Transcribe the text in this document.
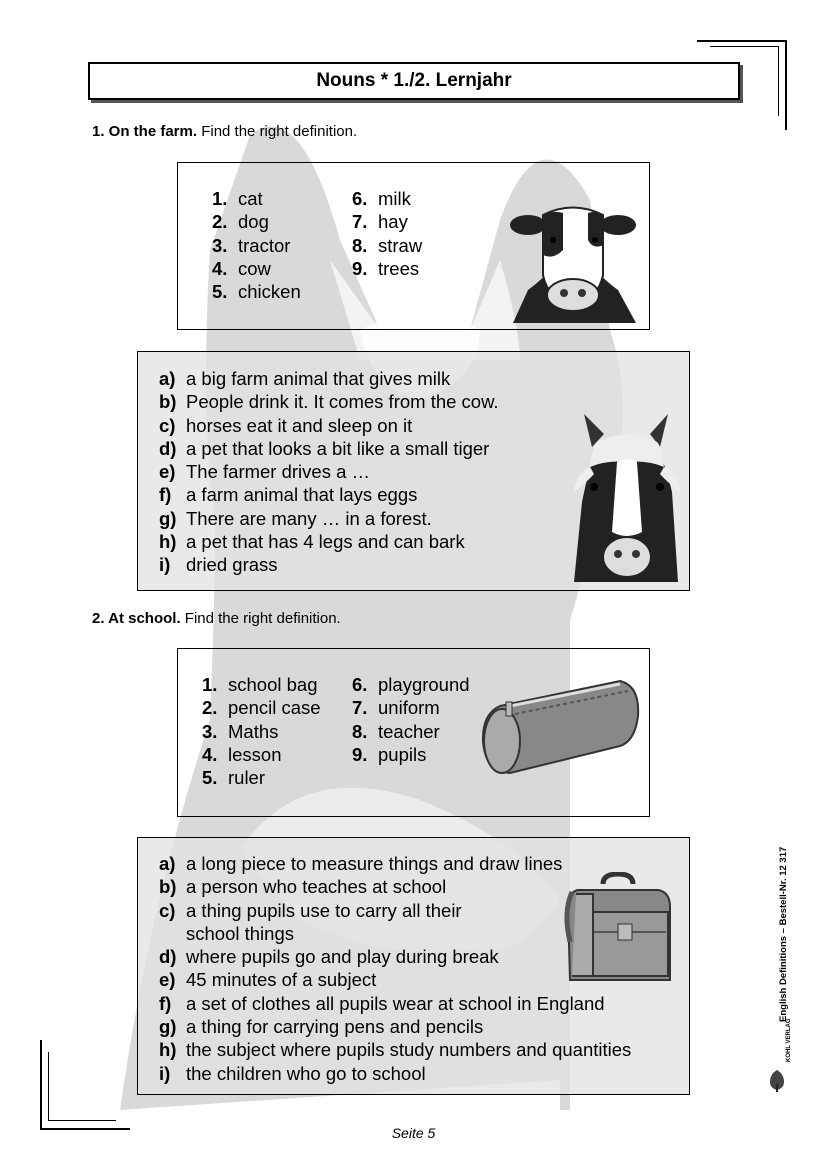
Nouns * 1./2. Lernjahr
1. On the farm. Find the right definition.
1. cat
2. dog
3. tractor
4. cow
5. chicken
6. milk
7. hay
8. straw
9. trees
a) a big farm animal that gives milk
b) People drink it. It comes from the cow.
c) horses eat it and sleep on it
d) a pet that looks a bit like a small tiger
e) The farmer drives a …
f) a farm animal that lays eggs
g) There are many … in a forest.
h) a pet that has 4 legs and can bark
i) dried grass
2. At school. Find the right definition.
1. school bag
2. pencil case
3. Maths
4. lesson
5. ruler
6. playground
7. uniform
8. teacher
9. pupils
a) a long piece to measure things and draw lines
b) a person who teaches at school
c) a thing pupils use to carry all their
school things
d) where pupils go and play during break
e) 45 minutes of a subject
f) a set of clothes all pupils wear at school in England
g) a thing for carrying pens and pencils
h) the subject where pupils study numbers and quantities
i) the children who go to school
English Definitions – Bestell-Nr. 12 317
KOHL VERLAG
Seite 5
